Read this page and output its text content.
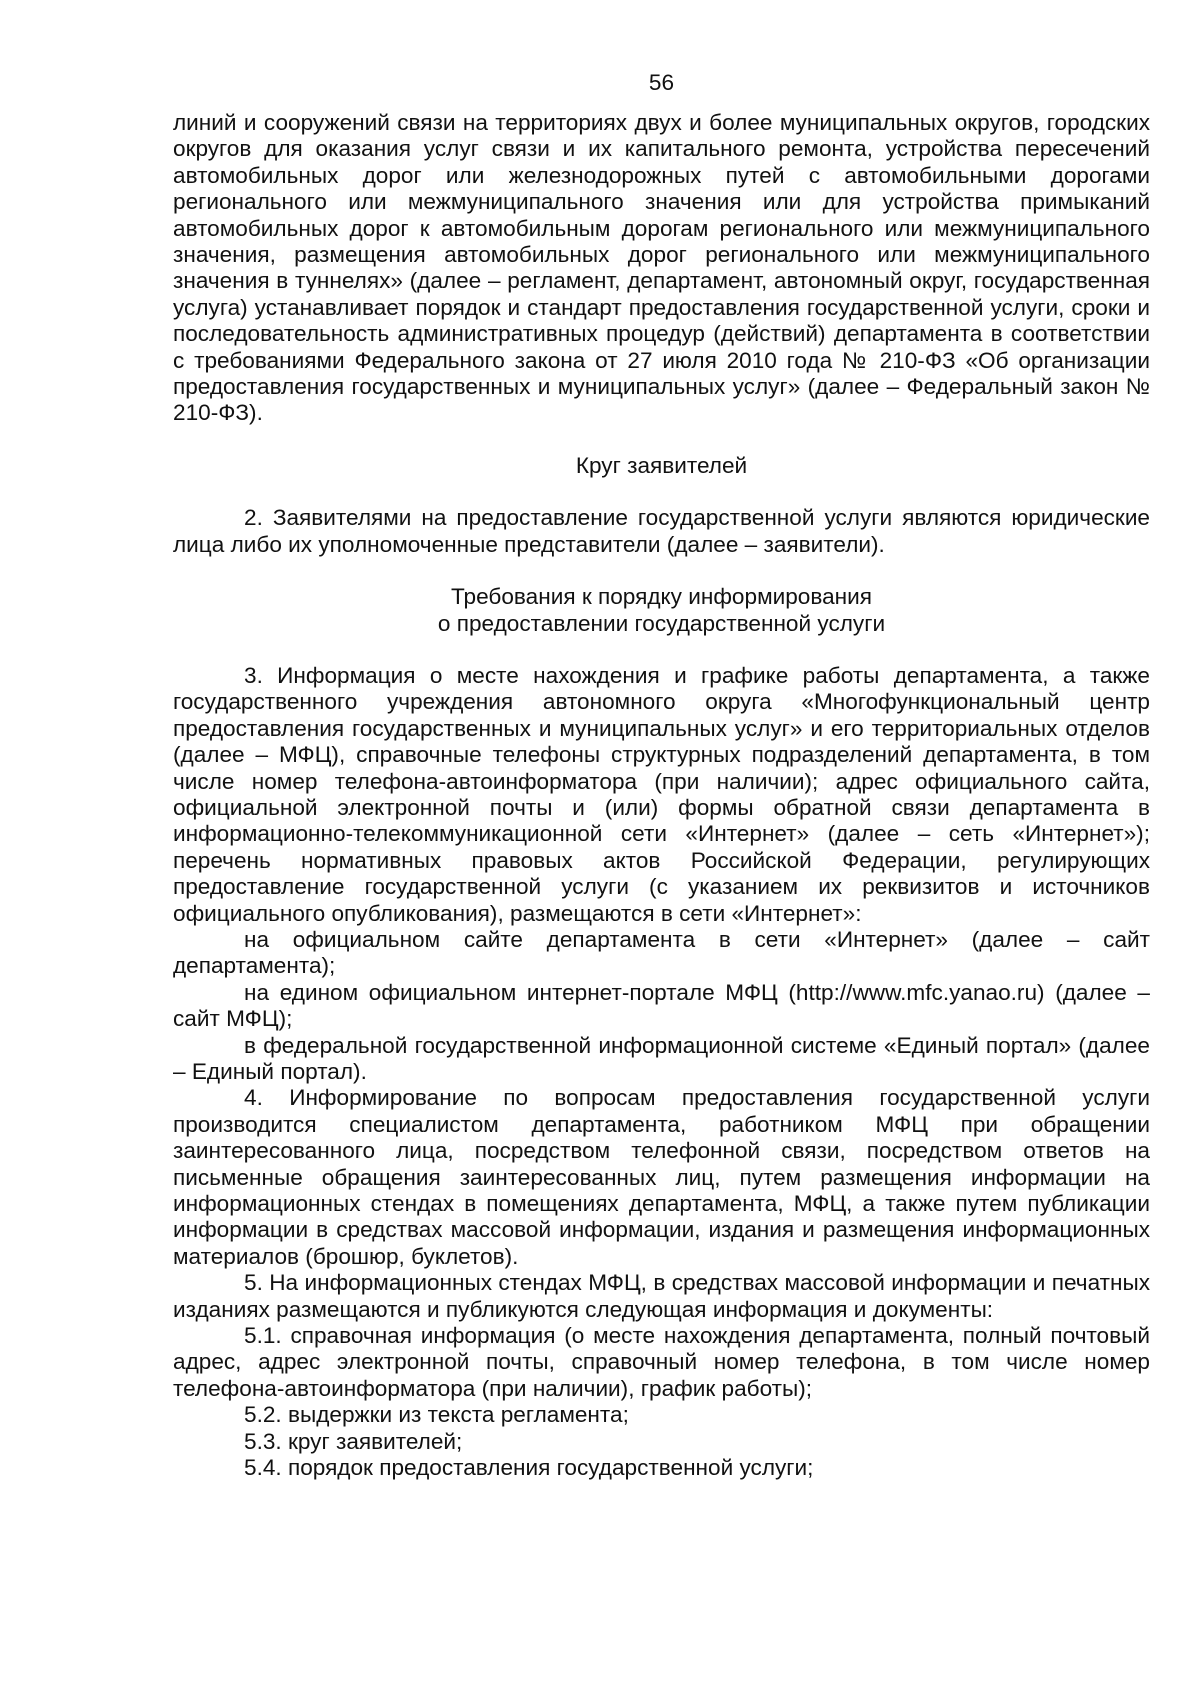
56

линий и сооружений связи на территориях двух и более муниципальных округов, городских округов для оказания услуг связи и их капитального ремонта, устройства пересечений автомобильных дорог или железнодорожных путей с автомобильными дорогами регионального или межмуниципального значения или для устройства примыканий автомобильных дорог к автомобильным дорогам регионального или межмуниципального значения, размещения автомобильных дорог регионального или межмуниципального значения в туннелях» (далее – регламент, департамент, автономный округ, государственная услуга) устанавливает порядок и стандарт предоставления государственной услуги, сроки и последовательность административных процедур (действий) департамента в соответствии с требованиями Федерального закона от 27 июля 2010 года № 210-ФЗ «Об организации предоставления государственных и муниципальных услуг» (далее – Федеральный закон № 210-ФЗ).

Круг заявителей

2. Заявителями на предоставление государственной услуги являются юридические лица либо их уполномоченные представители (далее – заявители).

Требования к порядку информирования
о предоставлении государственной услуги

3. Информация о месте нахождения и графике работы департамента, а также государственного учреждения автономного округа «Многофункциональный центр предоставления государственных и муниципальных услуг» и его территориальных отделов (далее – МФЦ), справочные телефоны структурных подразделений департамента, в том числе номер телефона-автоинформатора (при наличии); адрес официального сайта, официальной электронной почты и (или) формы обратной связи департамента в информационно-телекоммуникационной сети «Интернет» (далее – сеть «Интернет»); перечень нормативных правовых актов Российской Федерации, регулирующих предоставление государственной услуги (с указанием их реквизитов и источников официального опубликования), размещаются в сети «Интернет»:

на официальном сайте департамента в сети «Интернет» (далее – сайт департамента);

на едином официальном интернет-портале МФЦ (http://www.mfc.yanao.ru) (далее – сайт МФЦ);

в федеральной государственной информационной системе «Единый портал» (далее – Единый портал).

4. Информирование по вопросам предоставления государственной услуги производится специалистом департамента, работником МФЦ при обращении заинтересованного лица, посредством телефонной связи, посредством ответов на письменные обращения заинтересованных лиц, путем размещения информации на информационных стендах в помещениях департамента, МФЦ, а также путем публикации информации в средствах массовой информации, издания и размещения информационных материалов (брошюр, буклетов).

5. На информационных стендах МФЦ, в средствах массовой информации и печатных изданиях размещаются и публикуются следующая информация и документы:

5.1. справочная информация (о месте нахождения департамента, полный почтовый адрес, адрес электронной почты, справочный номер телефона, в том числе номер телефона-автоинформатора (при наличии), график работы);

5.2. выдержки из текста регламента;

5.3. круг заявителей;

5.4. порядок предоставления государственной услуги;
